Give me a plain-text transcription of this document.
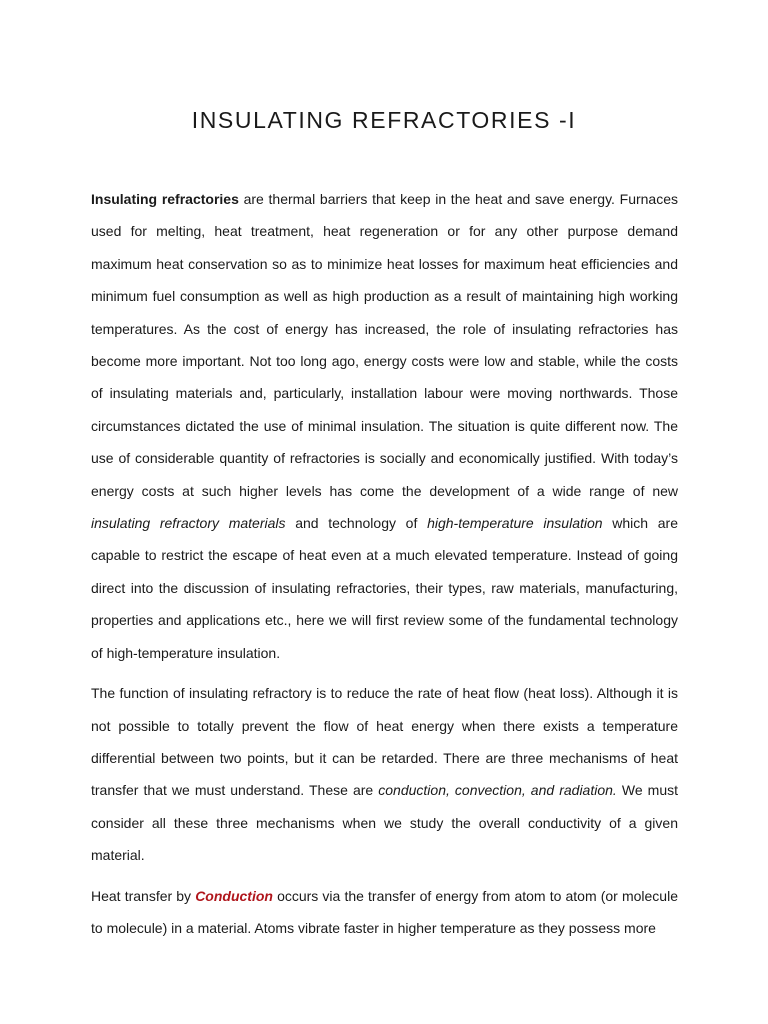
INSULATING REFRACTORIES -I

Insulating refractories are thermal barriers that keep in the heat and save energy. Furnaces used for melting, heat treatment, heat regeneration or for any other purpose demand maximum heat conservation so as to minimize heat losses for maximum heat efficiencies and minimum fuel consumption as well as high production as a result of maintaining high working temperatures. As the cost of energy has increased, the role of insulating refractories has become more important. Not too long ago, energy costs were low and stable, while the costs of insulating materials and, particularly, installation labour were moving northwards. Those circumstances dictated the use of minimal insulation. The situation is quite different now. The use of considerable quantity of refractories is socially and economically justified. With today’s energy costs at such higher levels has come the development of a wide range of new insulating refractory materials and technology of high-temperature insulation which are capable to restrict the escape of heat even at a much elevated temperature. Instead of going direct into the discussion of insulating refractories, their types, raw materials, manufacturing, properties and applications etc., here we will first review some of the fundamental technology of high-temperature insulation.

The function of insulating refractory is to reduce the rate of heat flow (heat loss). Although it is not possible to totally prevent the flow of heat energy when there exists a temperature differential between two points, but it can be retarded. There are three mechanisms of heat transfer that we must understand. These are conduction, convection, and radiation. We must consider all these three mechanisms when we study the overall conductivity of a given material.

Heat transfer by Conduction occurs via the transfer of energy from atom to atom (or molecule to molecule) in a material. Atoms vibrate faster in higher temperature as they possess more
